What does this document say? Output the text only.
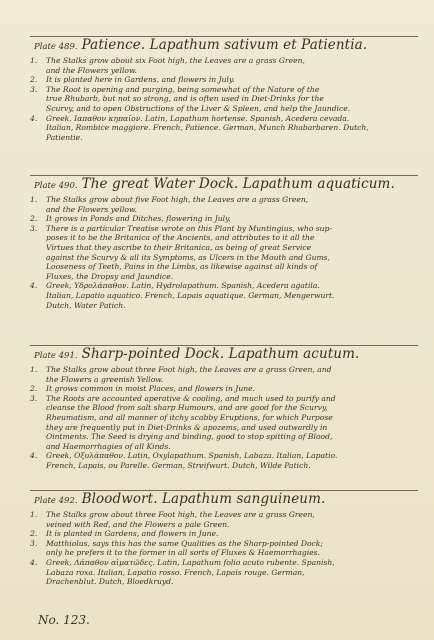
Plate 489. Patience. Lapathum sativum et Patientia.
1. The Stalks grow about six Foot high, the Leaves are a grass Green,
and the Flowers yellow.
2. It is planted here in Gardens, and flowers in July.
3. The Root is opening and purging, being somewhat of the Nature of the
true Rhubarb, but not so strong, and is often used in Diet-Drinks for the
Scurvy, and to open Obstructions of the Liver & Spleen, and help the Jaundice.
4. Greek, Ιαπαθον κηπαῖον. Latin, Lapathum hortense. Spanish, Acedera cevada.
Italian, Rombice maggiore. French, Patience. German, Munch Rhabarbaren. Dutch,
Patientie.
Plate 490. The great Water Dock. Lapathum aquaticum.
1. The Stalks grow about five Foot high, the Leaves are a grass Green,
and the Flowers yellow.
2. It grows in Ponds and Ditches, flowering in July.
3. There is a particular Treatise wrote on this Plant by Muntingius, who sup-
poses it to be the Britanica of the Ancients, and attributes to it all the
Virtues that they ascribe to their Britanica, as being of great Service
against the Scurvy & all its Symptoms, as Ulcers in the Mouth and Gums,
Looseness of Teeth, Pains in the Limbs, as likewise against all kinds of
Fluxes, the Dropsy and Jaundice.
4. Greek, Υδρολάπαθον. Latin, Hydrolapathum. Spanish, Acedera agatila.
Italian, Lapatio aquatico. French, Lapais aquatique. German, Mengerwurt.
Dutch, Water Patich.
Plate 491. Sharp-pointed Dock. Lapathum acutum.
1. The Stalks grow about three Foot high, the Leaves are a grass Green, and
the Flowers a greenish Yellow.
2. It grows common in moist Places, and flowers in June.
3. The Roots are accounted aperative & cooling, and much used to purify and
cleanse the Blood from salt sharp Humours, and are good for the Scurvy,
Rheumatism, and all manner of itchy scabby Eruptions, for which Purpose
they are frequently put in Diet-Drinks & apozems, and used outwardly in
Ointments. The Seed is drying and binding, good to stop spitting of Blood,
and Haemorrhagies of all Kinds.
4. Greek, Οξυλάπαθον. Latin, Oxylapathum. Spanish, Labaza. Italian, Lapatio.
French, Lapais, ou Parelle. German, Streifwurt. Dutch, Wilde Patich.
Plate 492. Bloodwort. Lapathum sanguineum.
1. The Stalks grow about three Foot high, the Leaves are a grass Green,
veined with Red, and the Flowers a pale Green.
2. It is planted in Gardens, and flowers in June.
3. Matthiolus, says this has the same Qualities as the Sharp-pointed Dock;
only he prefers it to the former in all sorts of Fluxes & Haemorrhagies.
4. Greek, Λάπαθον αἱματῶδες. Latin, Lapathum folio acuto rubente. Spanish,
Labaza roxa. Italian, Lapatio rosso. French, Lapais rouge. German,
Drachenblut. Dutch, Bloedkruyd.
No. 123.
